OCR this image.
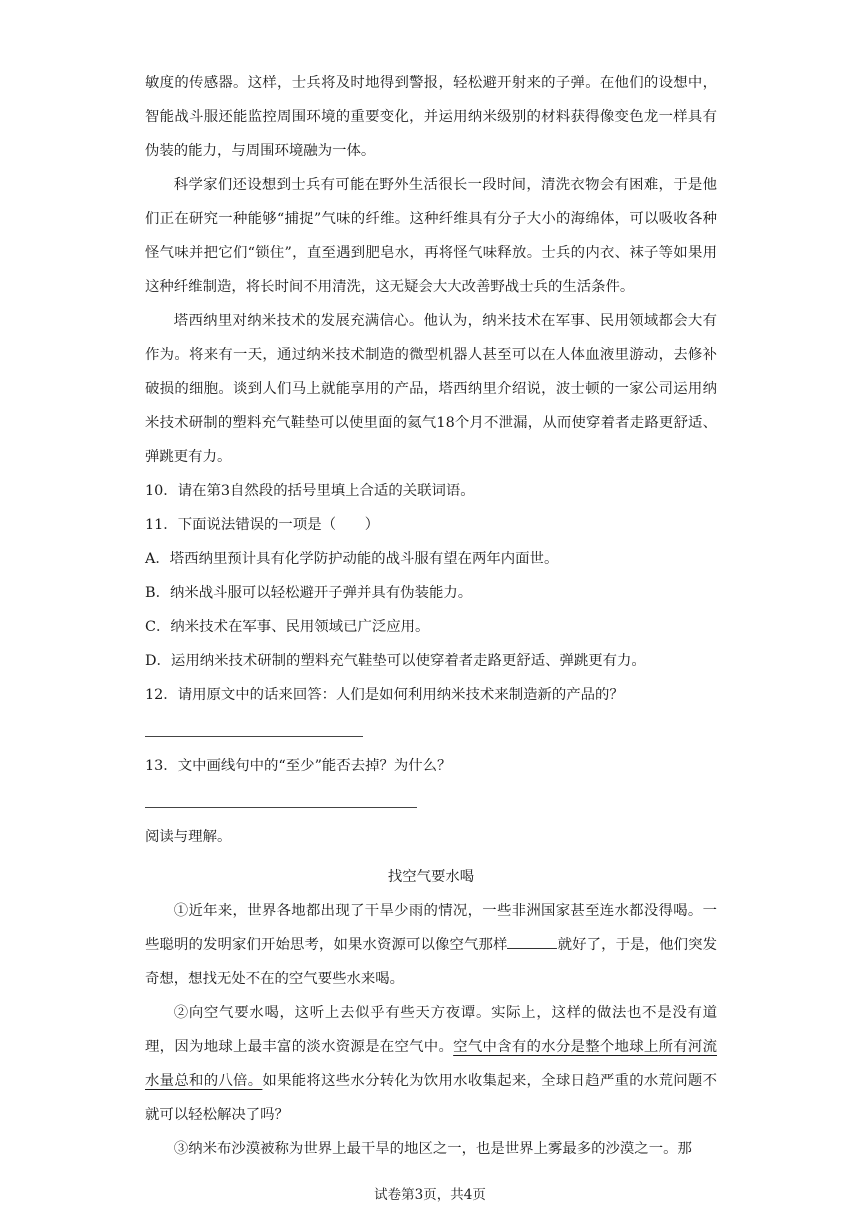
敏度的传感器。这样，士兵将及时地得到警报，轻松避开射来的子弹。在他们的设想中，智能战斗服还能监控周围环境的重要变化，并运用纳米级别的材料获得像变色龙一样具有伪装的能力，与周围环境融为一体。

科学家们还设想到士兵有可能在野外生活很长一段时间，清洗衣物会有困难，于是他们正在研究一种能够“捕捉”气味的纤维。这种纤维具有分子大小的海绵体，可以吸收各种怪气味并把它们“锁住”，直至遇到肥皂水，再将怪气味释放。士兵的内衣、袜子等如果用这种纤维制造，将长时间不用清洗，这无疑会大大改善野战士兵的生活条件。

塔西纳里对纳米技术的发展充满信心。他认为，纳米技术在军事、民用领域都会大有作为。将来有一天，通过纳米技术制造的微型机器人甚至可以在人体血液里游动，去修补破损的细胞。谈到人们马上就能享用的产品，塔西纳里介绍说，波士顿的一家公司运用纳米技术研制的塑料充气鞋垫可以使里面的氦气18个月不泄漏，从而使穿着者走路更舒适、弹跳更有力。

10．请在第3自然段的括号里填上合适的关联词语。

11．下面说法错误的一项是（　　）

A．塔西纳里预计具有化学防护动能的战斗服有望在两年内面世。

B．纳米战斗服可以轻松避开子弹并具有伪装能力。

C．纳米技术在军事、民用领域已广泛应用。

D．运用纳米技术研制的塑料充气鞋垫可以使穿着者走路更舒适、弹跳更有力。

12．请用原文中的话来回答：人们是如何利用纳米技术来制造新的产品的？

13．文中画线句中的“至少”能否去掉？为什么？

阅读与理解。

找空气要水喝

①近年来，世界各地都出现了干旱少雨的情况，一些非洲国家甚至连水都没得喝。一些聪明的发明家们开始思考，如果水资源可以像空气那样	就好了，于是，他们突发奇想，想找无处不在的空气要些水来喝。

②向空气要水喝，这听上去似乎有些天方夜谭。实际上，这样的做法也不是没有道理，因为地球上最丰富的淡水资源是在空气中。空气中含有的水分是整个地球上所有河流水量总和的八倍。如果能将这些水分转化为饮用水收集起来，全球日趋严重的水荒问题不就可以轻松解决了吗？

③纳米布沙漠被称为世界上最干旱的地区之一，也是世界上雾最多的沙漠之一。那

试卷第3页，共4页
